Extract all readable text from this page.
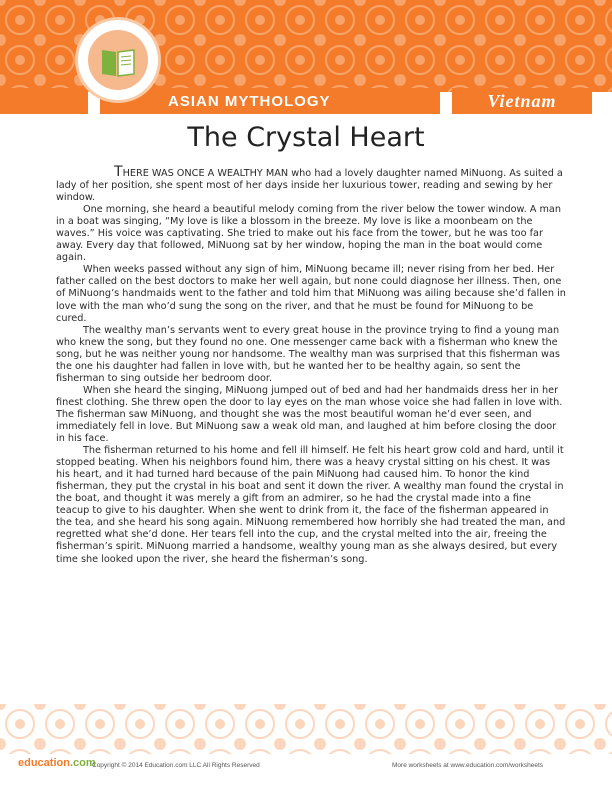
ASIAN MYTHOLOGY	Vietnam
The Crystal Heart

THERE WAS ONCE A WEALTHY MAN who had a lovely daughter named MiNuong. As suited a lady of her position, she spent most of her days inside her luxurious tower, reading and sewing by her window.

One morning, she heard a beautiful melody coming from the river below the tower window. A man in a boat was singing, “My love is like a blossom in the breeze. My love is like a moonbeam on the waves.” His voice was captivating. She tried to make out his face from the tower, but he was too far away. Every day that followed, MiNuong sat by her window, hoping the man in the boat would come again.

When weeks passed without any sign of him, MiNuong became ill; never rising from her bed. Her father called on the best doctors to make her well again, but none could diagnose her illness. Then, one of MiNuong’s handmaids went to the father and told him that MiNuong was ailing because she’d fallen in love with the man who’d sung the song on the river, and that he must be found for MiNuong to be cured.

The wealthy man’s servants went to every great house in the province trying to find a young man who knew the song, but they found no one. One messenger came back with a fisherman who knew the song, but he was neither young nor handsome. The wealthy man was surprised that this fisherman was the one his daughter had fallen in love with, but he wanted her to be healthy again, so sent the fisherman to sing outside her bedroom door.

When she heard the singing, MiNuong jumped out of bed and had her handmaids dress her in her finest clothing. She threw open the door to lay eyes on the man whose voice she had fallen in love with. The fisherman saw MiNuong, and thought she was the most beautiful woman he’d ever seen, and immediately fell in love. But MiNuong saw a weak old man, and laughed at him before closing the door in his face.

The fisherman returned to his home and fell ill himself. He felt his heart grow cold and hard, until it stopped beating. When his neighbors found him, there was a heavy crystal sitting on his chest. It was his heart, and it had turned hard because of the pain MiNuong had caused him. To honor the kind fisherman, they put the crystal in his boat and sent it down the river. A wealthy man found the crystal in the boat, and thought it was merely a gift from an admirer, so he had the crystal made into a fine teacup to give to his daughter. When she went to drink from it, the face of the fisherman appeared in the tea, and she heard his song again. MiNuong remembered how horribly she had treated the man, and regretted what she’d done. Her tears fell into the cup, and the crystal melted into the air, freeing the fisherman’s spirit. MiNuong married a handsome, wealthy young man as she always desired, but every time she looked upon the river, she heard the fisherman’s song.

education.com
Copyright © 2014 Education.com LLC All Rights Reserved	More worksheets at www.education.com/worksheets
